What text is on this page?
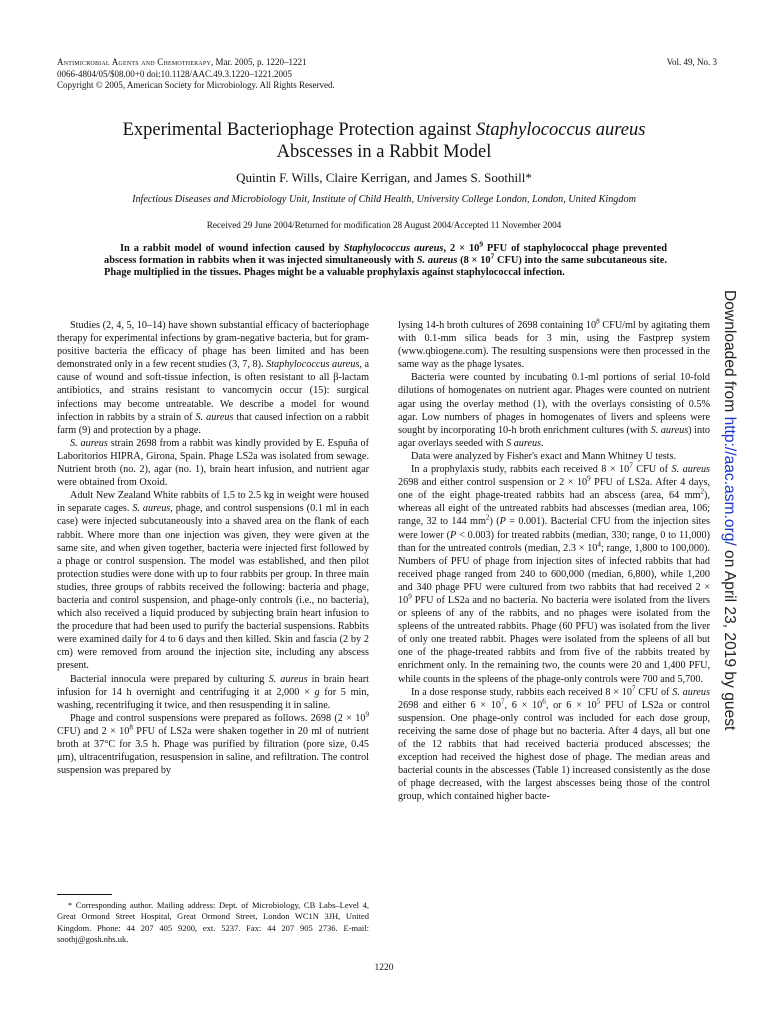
Antimicrobial Agents and Chemotherapy, Mar. 2005, p. 1220–1221
0066-4804/05/$08.00+0 doi:10.1128/AAC.49.3.1220–1221.2005
Copyright © 2005, American Society for Microbiology. All Rights Reserved.
Vol. 49, No. 3
Experimental Bacteriophage Protection against Staphylococcus aureus
Abscesses in a Rabbit Model
Quintin F. Wills, Claire Kerrigan, and James S. Soothill*
Infectious Diseases and Microbiology Unit, Institute of Child Health, University College London, London, United Kingdom
Received 29 June 2004/Returned for modification 28 August 2004/Accepted 11 November 2004
In a rabbit model of wound infection caused by Staphylococcus aureus, $2 \times 10^9$ PFU of staphylococcal phage prevented abscess formation in rabbits when it was injected simultaneously with S. aureus ($8 \times 10^7$ CFU) into the same subcutaneous site. Phage multiplied in the tissues. Phages might be a valuable prophylaxis against staphylococcal infection.

Studies (2, 4, 5, 10–14) have shown substantial efficacy of bacteriophage therapy for experimental infections by gram-negative bacteria, but for gram-positive bacteria the efficacy of phage has been limited and has been demonstrated only in a few recent studies (3, 7, 8). Staphylococcus aureus, a cause of wound and soft-tissue infection, is often resistant to all β-lactam antibiotics, and strains resistant to vancomycin occur (15): surgical infections may become untreatable. We describe a model for wound infection in rabbits by a strain of S. aureus that caused infection on a rabbit farm (9) and protection by a phage.

S. aureus strain 2698 from a rabbit was kindly provided by E. Espuña of Laboritorios HIPRA, Girona, Spain. Phage LS2a was isolated from sewage. Nutrient broth (no. 2), agar (no. 1), brain heart infusion, and nutrient agar were obtained from Oxoid.

Adult New Zealand White rabbits of 1.5 to 2.5 kg in weight were housed in separate cages. S. aureus, phage, and control suspensions (0.1 ml in each case) were injected subcutaneously into a shaved area on the flank of each rabbit. Where more than one injection was given, they were given at the same site, and when given together, bacteria were injected first followed by a phage or control suspension. The model was established, and then pilot protection studies were done with up to four rabbits per group. In three main studies, three groups of rabbits received the following: bacteria and phage, bacteria and control suspension, and phage-only controls (i.e., no bacteria), which also received a liquid produced by subjecting brain heart infusion to the procedure that had been used to purify the bacterial suspensions. Rabbits were examined daily for 4 to 6 days and then killed. Skin and fascia (2 by 2 cm) were removed from around the injection site, including any abscess present.

Bacterial innocula were prepared by culturing S. aureus in brain heart infusion for 14 h overnight and centrifuging it at 2,000 × g for 5 min, washing, recentrifuging it twice, and then resuspending it in saline.

Phage and control suspensions were prepared as follows. 2698 ($2 \times 10^9$ CFU) and $2 \times 10^8$ PFU of LS2a were shaken together in 20 ml of nutrient broth at 37°C for 3.5 h. Phage was purified by filtration (pore size, 0.45 μm), ultracentrifugation, resuspension in saline, and refiltration. The control suspension was prepared by

* Corresponding author. Mailing address: Dept. of Microbiology, CB Labs–Level 4, Great Ormond Street Hospital, Great Ormond Street, London WC1N 3JH, United Kingdom. Phone: 44 207 405 9200, ext. 5237. Fax: 44 207 905 2736. E-mail: soothj@gosh.nhs.uk.

lysing 14-h broth cultures of 2698 containing $10^8$ CFU/ml by agitating them with 0.1-mm silica beads for 3 min, using the Fastprep system (www.qbiogene.com). The resulting suspensions were then processed in the same way as the phage lysates.

Bacteria were counted by incubating 0.1-ml portions of serial 10-fold dilutions of homogenates on nutrient agar. Phages were counted on nutrient agar using the overlay method (1), with the overlays consisting of 0.5% agar. Low numbers of phages in homogenates of livers and spleens were sought by incorporating 10-h broth enrichment cultures (with S. aureus) into agar overlays seeded with S aureus.

Data were analyzed by Fisher's exact and Mann Whitney U tests.

In a prophylaxis study, rabbits each received $8 \times 10^7$ CFU of S. aureus 2698 and either control suspension or $2 \times 10^9$ PFU of LS2a. After 4 days, one of the eight phage-treated rabbits had an abscess (area, 64 $mm^2$), whereas all eight of the untreated rabbits had abscesses (median area, 106; range, 32 to 144 $mm^2$) (P = 0.001). Bacterial CFU from the injection sites were lower (P < 0.003) for treated rabbits (median, 330; range, 0 to 11,000) than for the untreated controls (median, $2.3 \times 10^4$; range, 1,800 to 100,000). Numbers of PFU of phage from injection sites of infected rabbits that had received phage ranged from 240 to 600,000 (median, 6,800), while 1,200 and 340 phage PFU were cultured from two rabbits that had received $2 \times 10^9$ PFU of LS2a and no bacteria. No bacteria were isolated from the livers or spleens of any of the rabbits, and no phages were isolated from the spleens of the untreated rabbits. Phage (60 PFU) was isolated from the liver of only one treated rabbit. Phages were isolated from the spleens of all but one of the phage-treated rabbits and from five of the rabbits treated by enrichment only. In the remaining two, the counts were 20 and 1,400 PFU, while counts in the spleens of the phage-only controls were 700 and 5,700.

In a dose response study, rabbits each received $8 \times 10^7$ CFU of S. aureus 2698 and either $6 \times 10^7$, $6 \times 10^6$, or $6 \times 10^5$ PFU of LS2a or control suspension. One phage-only control was included for each dose group, receiving the same dose of phage but no bacteria. After 4 days, all but one of the 12 rabbits that had received bacteria produced abscesses; the exception had received the highest dose of phage. The median areas and bacterial counts in the abscesses (Table 1) increased consistently as the dose of phage decreased, with the largest abscesses being those of the control group, which contained higher bacte-

1220
Downloaded from http://aac.asm.org/ on April 23, 2019 by guest
